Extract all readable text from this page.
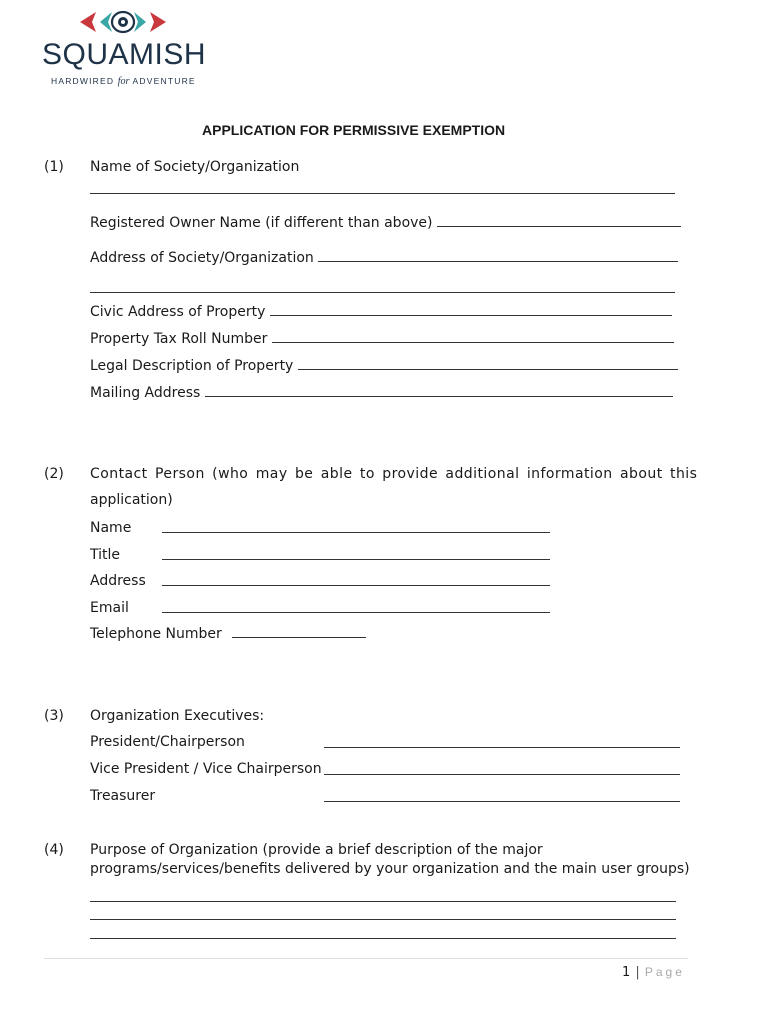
SQUAMISH
HARDWIRED for ADVENTURE
APPLICATION FOR PERMISSIVE EXEMPTION
(1) Name of Society/Organization
Registered Owner Name (if different than above)
Address of Society/Organization
Civic Address of Property
Property Tax Roll Number
Legal Description of Property
Mailing Address
(2) Contact Person (who may be able to provide additional information about this
application)
Name
Title
Address
Email
Telephone Number
(3) Organization Executives:
President/Chairperson
Vice President / Vice Chairperson
Treasurer
(4) Purpose of Organization (provide a brief description of the major
programs/services/benefits delivered by your organization and the main user groups)
1 | Page
